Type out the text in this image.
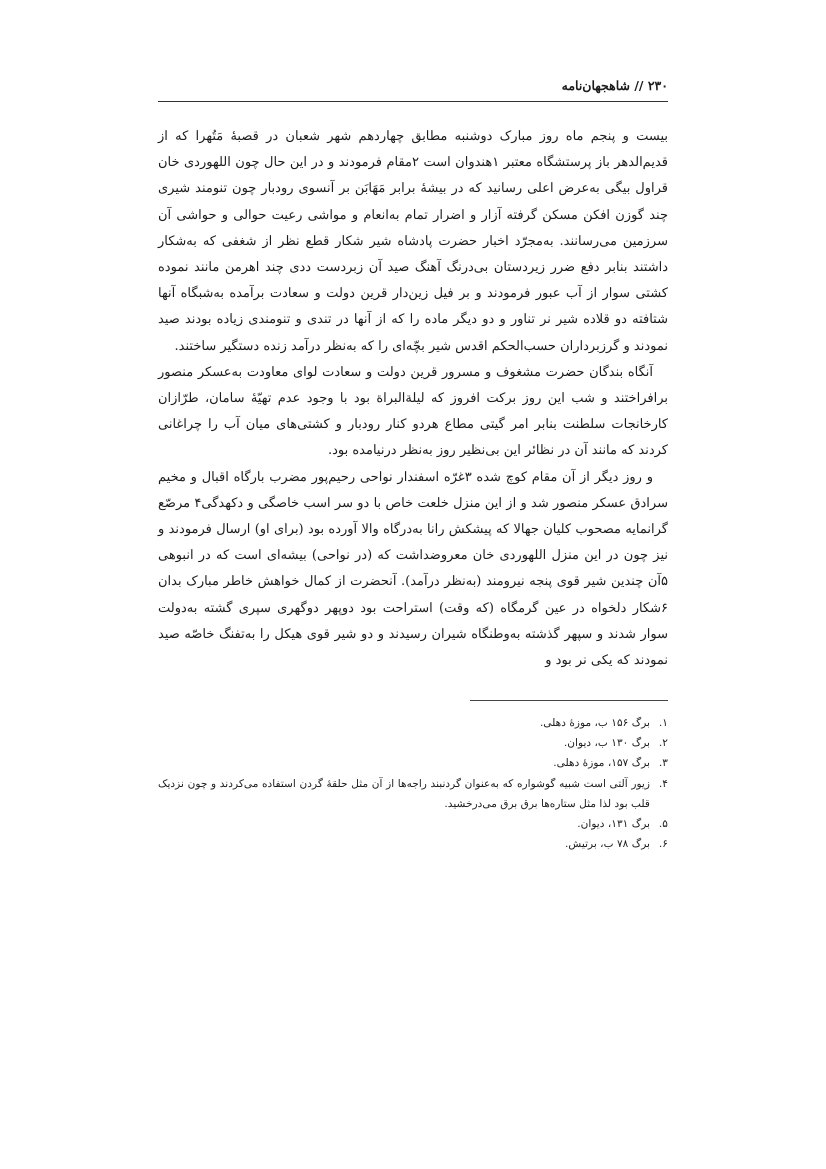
۲۳۰ // شاهجهان‌نامه

بیست و پنجم ماه روز مبارک دوشنبه مطابق چهاردهم شهر شعبان در قصبهٔ مَتُهرا که از قدیم‌الدهر باز پرستشگاه معتبر ۱هندوان است ۲مقام فرمودند و در این حال چون اللهوردی خان قراول بیگی به‌عرض اعلی رسانید که در بیشهٔ برابر مَهَابَن بر آنسوی رودبار چون تنومند شیری چند گوزن افکن مسکن گرفته آزار و اضرار تمام به‌انعام و مواشی رعیت حوالی و حواشی آن سرزمین می‌رسانند. به‌مجرّد اخبار حضرت پادشاه شیر شکار قطع نظر از شغفی که به‌شکار داشتند بنابر دفع ضرر زیردستان بی‌درنگ آهنگ صید آن زبردست ددی چند اهرمن مانند نموده کشتی سوار از آب عبور فرمودند و بر فیل زین‌دار قرین دولت و سعادت برآمده به‌شبگاه آنها شتافته دو قلاده شیر نر تناور و دو دیگر ماده را که از آنها در تندی و تنومندی زیاده بودند صید نمودند و گرزبرداران حسب‌الحکم اقدس شیر بچّه‌ای را که به‌نظر درآمد زنده دستگیر ساختند.

آنگاه بندگان حضرت مشغوف و مسرور قرین دولت و سعادت لوای معاودت به‌عسکر منصور برافراختند و شب این روز برکت افروز که لیلة‌البراة بود با وجود عدم تهیّهٔ سامان، طرّازان کارخانجات سلطنت بنابر امر گیتی مطاع هردو کنار رودبار و کشتی‌های میان آب را چراغانی کردند که مانند آن در نظائر این بی‌نظیر روز به‌نظر درنیامده بود.

و روز دیگر از آن مقام کوچ شده ۳غرّه اسفندار نواحی رحیم‌پور مضرب بارگاه اقبال و مخیم سرادق عسکر منصور شد و از این منزل خلعت خاص با دو سر اسب خاصگی و دکهدگی۴ مرصّع گرانمایه مصحوب کلیان جهالا که پیشکش رانا به‌درگاه والا آورده بود (برای او) ارسال فرمودند و نیز چون در این منزل اللهوردی خان معروضداشت که (در نواحی) بیشه‌ای است که در انبوهی ۵آن چندین شیر قوی پنجه نیرومند (به‌نظر درآمد). آنحضرت از کمال خواهش خاطر مبارک بدان ۶شکار دلخواه در عین گرمگاه (که وقت) استراحت بود دوپهر دوگهری سپری گشته به‌دولت سوار شدند و سپهر گذشته به‌وطنگاه شیران رسیدند و دو شیر قوی هیکل را به‌تفنگ خاصّه صید نمودند که یکی نر بود و

۱.برگ ۱۵۶ ب، موزهٔ دهلی.
۲.برگ ۱۳۰ ب، دیوان.
۳.برگ ۱۵۷، موزهٔ دهلی.
۴.زیور آلتی است شبیه گوشواره که به‌عنوان گردنبند راجه‌ها از آن مثل حلقهٔ گردن استفاده می‌کردند و چون نزدیک قلب بود لذا مثل ستاره‌ها برق برق می‌درخشید.
۵.برگ ۱۳۱، دیوان.
۶.برگ ۷۸ ب، برتیش.
